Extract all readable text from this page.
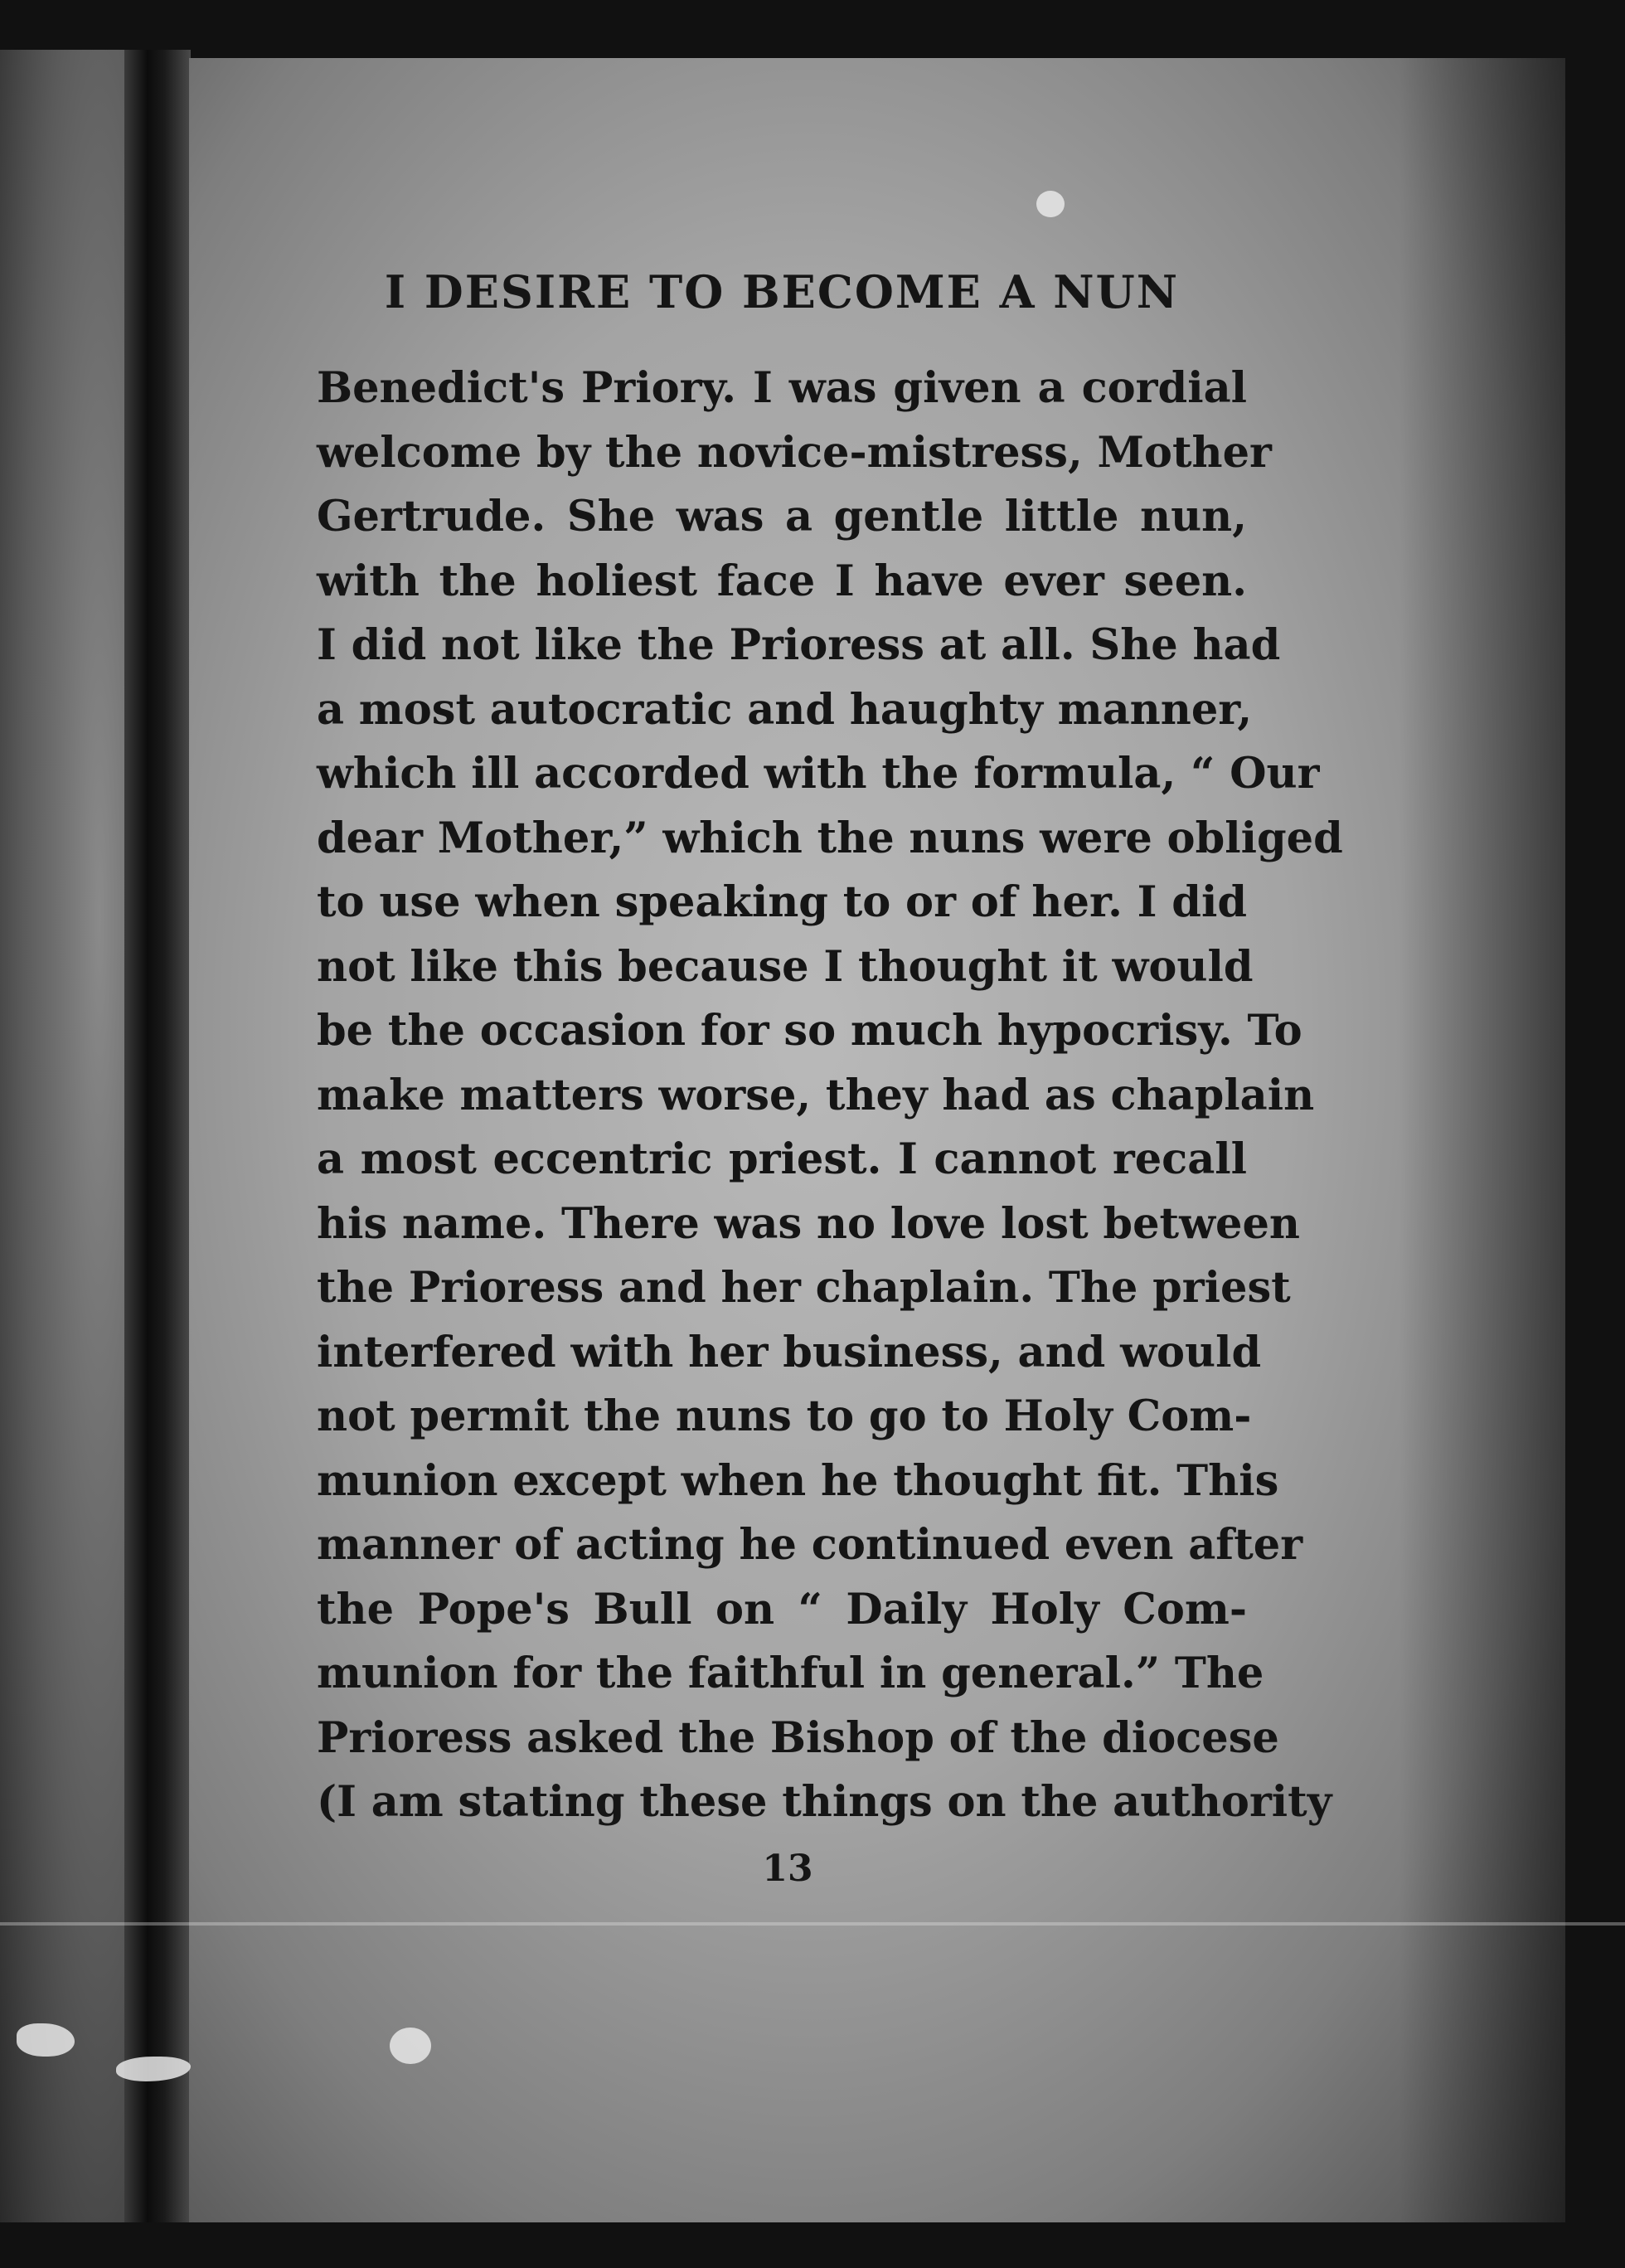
I DESIRE TO BECOME A NUN
Benedict's Priory. I was given a cordial
welcome by the novice-mistress, Mother
Gertrude. She was a gentle little nun,
with the holiest face I have ever seen.
I did not like the Prioress at all. She had
a most autocratic and haughty manner,
which ill accorded with the formula, “ Our
dear Mother,” which the nuns were obliged
to use when speaking to or of her. I did
not like this because I thought it would
be the occasion for so much hypocrisy. To
make matters worse, they had as chaplain
a most eccentric priest. I cannot recall
his name. There was no love lost between
the Prioress and her chaplain. The priest
interfered with her business, and would
not permit the nuns to go to Holy Com-
munion except when he thought fit. This
manner of acting he continued even after
the Pope's Bull on “ Daily Holy Com-
munion for the faithful in general.” The
Prioress asked the Bishop of the diocese
(I am stating these things on the authority
13
